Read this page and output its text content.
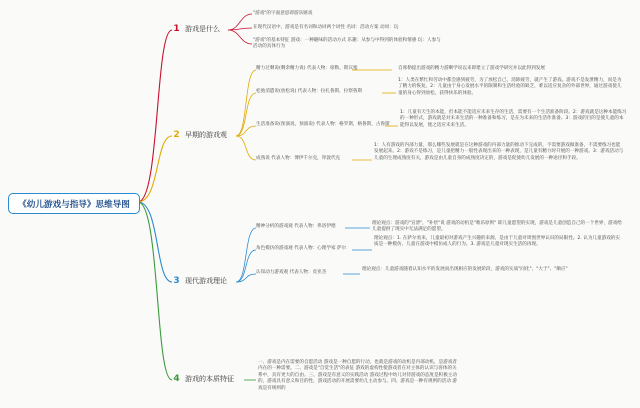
《幼儿游戏与指导》思维导图
1 游戏是什么
"游戏"的字面意思即游乐嬉戏
在现代汉语中，游戏是有名词和动词两个词性 名词：活动方案 动词：玩
"游戏"的基本特征 游戏：一种趣味的活动方式 乐趣：从参与中得到的体验和情感 玩：人参与活动的具体行为
2 早期的游戏观
精力过剩说(剩余精力说) 代表人物：席勒、斯宾塞	自席勒提出游戏的精力游剩学说以来即建立了游戏学研究并以此得到发展
松弛消遣说(放松说) 代表人物：拉扎鲁斯，拉察鲁斯
1：人类在繁忙和劳动中都会感到疲劳，为了放松自己，消除疲劳，就产生了游戏。游戏不是发泄精力，而是为了精力的恢复。2：儿童由于身心发展水平的限制和生活经验的缺乏，难以适应复杂的外部世界，通过游戏使儿童的身心得到放松，获得快乐的体验。
生活准备说(预演说，预演说) 代表人物：格罗斯，格鲁斯，古鲁斯
1：儿童有天生的本能，但本能不能适应未来生存的生活，需要有一个生活准备阶段。2：游戏就是这种本能练习的一种形式，游戏就是对未来生活的一种准备和练习，是在为未来的生活作准备。3：游戏的目的是使儿童的本能得以发展，使之适应未来生活。
成熟说 代表人物：博伊千尔克，拜敦代克
1：人有游戏的内部力量，那么哪些发展就是在这种游戏的内部力量的推动下完成的，不需要游戏做准备，不需要练习也能发展起来。2：游戏不是练习，是儿童把精力一般性表现出来的一种表现，是儿童有精力时开展的一种游戏。3：游戏活动与儿童的生理成熟度有关，游戏是由儿童自身的成熟度决定的，游戏是促使幼儿发展的一种途径和手段。
3 现代游戏理论
精神分析的游戏观 代表人物：弗洛伊德
理论观点：游戏的"宣泄"，"补偿"说 游戏的动机是"唯乐原则" 即儿童愿望的实现，游戏是儿童创造自己的一个世界，游戏给儿童提供了现实中无法满足的愿望。
角色模仿的游戏观 代表人物：心理学家 萨尔
理论观点：1. 在萨尔看来，儿童最初对游戏产生兴趣的来源，是由于儿童对周围世界认识的局限性。2. 认为儿童游戏的实质是一种模仿，儿童在游戏中模仿成人的行为。3. 游戏是儿童对现实生活的再现。
认知动力游戏观 代表人物：皮亚杰
理论观点：儿童游戏随着认知水平的发展而出现相应的发展阶段，游戏的实质"同化"、"大于"、"顺应"
4 游戏的本质特征
一、游戏是内在需要的自愿活动 游戏是一种自愿的行动，也就是游戏的动机是内部动机，是游戏者内在的一种需要。二、游戏是"自觉生活"的表征 游戏的虚构性使游戏者在对主体的认识与客体的关系中，具有更大的自由。三、游戏是有意义的实践活动 游戏过程中幼儿对待游戏的态度是积极主动的，游戏具有意义和目的性，游戏活动的开展需要幼儿主动参与。四、游戏是一种有规则的活动 游戏是有规则的
